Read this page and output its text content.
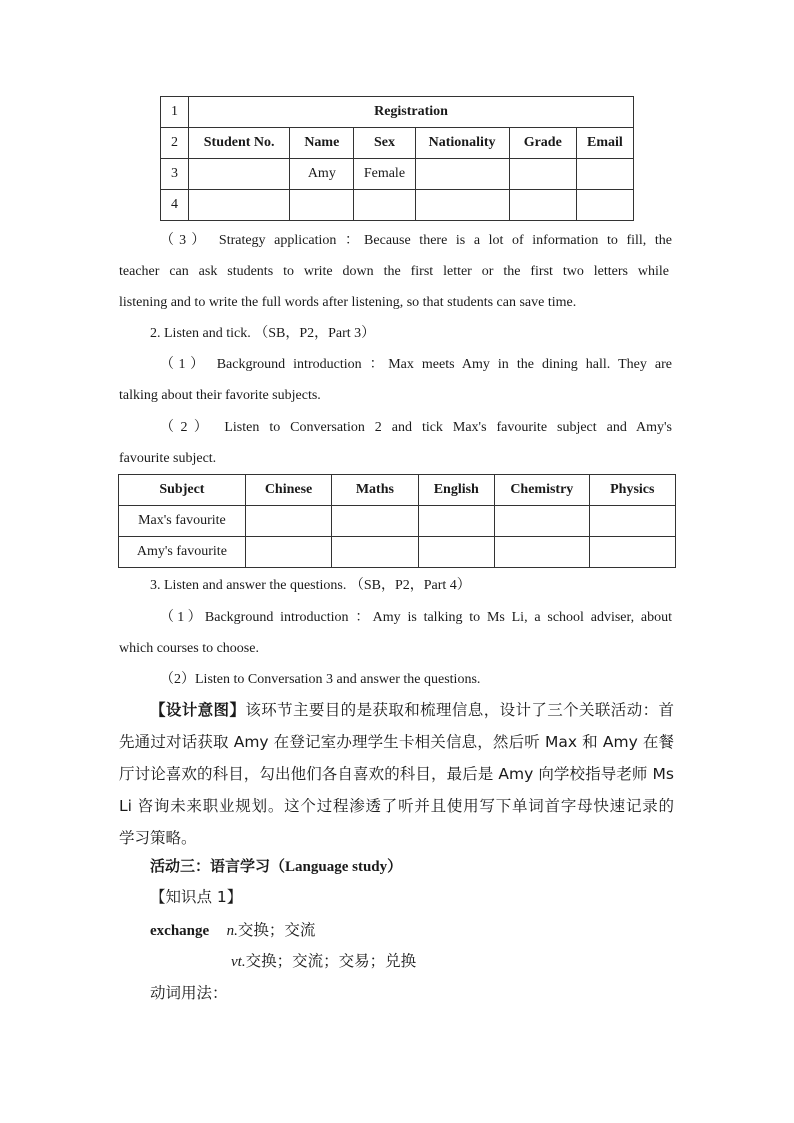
1	Registration					
2	Student No.	Name	Sex	Nationality	Grade	Email
3		Amy	Female			
4						
（3） Strategy application ：Because there is a lot of information to fill, the
teacher can ask students to write down the first letter or the first two letters while
listening and to write the full words after listening, so that students can save time.
2. Listen and tick. （SB，P2，Part 3）
（1） Background introduction ：Max meets Amy in the dining hall. They are
talking about their favorite subjects.
（2） Listen to Conversation 2 and tick Max's favourite subject and Amy's
favourite subject.
Subject	Chinese	Maths	English	Chemistry	Physics
Max's favourite					
Amy's favourite					
3. Listen and answer the questions. （SB，P2，Part 4）
（1）Background introduction ：Amy is talking to Ms Li, a school adviser, about
which courses to choose.
（2）Listen to Conversation 3 and answer the questions.
【设计意图】该环节主要目的是获取和梳理信息，设计了三个关联活动：首
先通过对话获取 Amy 在登记室办理学生卡相关信息，然后听 Max 和 Amy 在餐
厅讨论喜欢的科目，勾出他们各自喜欢的科目，最后是 Amy 向学校指导老师 Ms
Li 咨询未来职业规划。这个过程渗透了听并且使用写下单词首字母快速记录的
学习策略。
活动三：语言学习（Language study）
【知识点 1】
exchange n.交换；交流
vt.交换；交流；交易；兑换
动词用法：
